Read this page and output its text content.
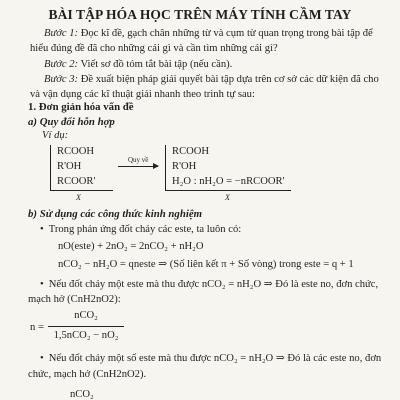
BÀI TẬP HÓA HỌC TRÊN MÁY TÍNH CẦM TAY
Bước 1: Đọc kĩ đề, gạch chân những từ và cụm từ quan trọng trong bài tập để hiểu đúng đề đã cho những cái gì và cần tìm những cái gì?
Bước 2: Viết sơ đồ tóm tắt bài tập (nếu cần).
Bước 3: Đề xuất biện pháp giải quyết bài tập dựa trên cơ sở các dữ kiện đã cho và vận dụng các kĩ thuật giải nhanh theo trình tự sau:
1. Đơn giản hóa vấn đề
a) Quy đổi hỗn hợp
Ví dụ:
RCOOH
R'OH
RCOOR'
X
Quy về
RCOOH
R'OH
H₂O : nH₂O = −nRCOOR'
X
b) Sử dụng các công thức kinh nghiệm
• Trong phản ứng đốt cháy các este, ta luôn có:
nO(este) + 2nO₂ = 2nCO₂ + nH₂O
nCO₂ − nH₂O = qneste ⇒ (Số liên kết π + Số vòng) trong este = q + 1
• Nếu đốt cháy một este mà thu được nCO₂ = nH₂O ⇒ Đó là este no, đơn chức,
mạch hở (CnH2nO2):
n =
nCO₂
1,5nCO₂ − nO₂
• Nếu đốt cháy một số este mà thu được nCO₂ = nH₂O ⇒ Đó là các este no, đơn
chức, mạch hở (CnH2nO2).
nCO₂
